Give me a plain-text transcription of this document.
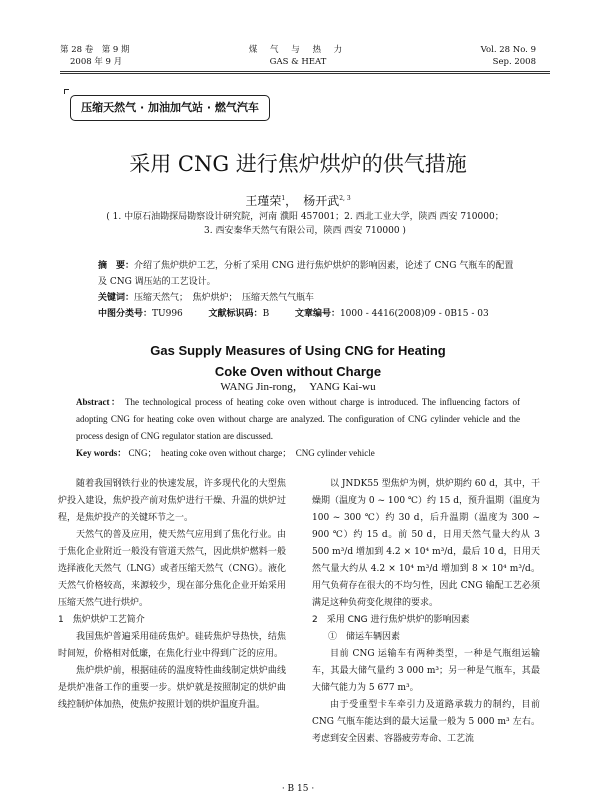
第 28 卷　第 9 期
2008 年 9 月
煤 气 与 热 力
GAS & HEAT
Vol. 28 No. 9
Sep. 2008
压缩天然气 · 加油加气站 · 燃气汽车
采用 CNG 进行焦炉烘炉的供气措施
王瑾荣$^1$，　杨开武$^{2, 3}$
( 1. 中原石油勘探局勘察设计研究院，河南 濮阳 457001；2. 西北工业大学，陕西 西安 710000；
3. 西安秦华天然气有限公司，陕西 西安 710000 )
摘　要：介绍了焦炉烘炉工艺，分析了采用 CNG 进行焦炉烘炉的影响因素，论述了 CNG 气瓶车的配置及 CNG 调压站的工艺设计。
关键词：压缩天然气；　焦炉烘炉；　压缩天然气气瓶车
中图分类号：TU996	文献标识码：B	文章编号：1000 - 4416(2008)09 - 0B15 - 03
Gas Supply Measures of Using CNG for Heating
Coke Oven without Charge
WANG Jin-rong，　YANG Kai-wu
Abstract： The technological process of heating coke oven without charge is introduced. The influencing factors of adopting CNG for heating coke oven without charge are analyzed. The configuration of CNG cylinder vehicle and the process design of CNG regulator station are discussed.
Key words： CNG；　heating coke oven without charge；　CNG cylinder vehicle

随着我国钢铁行业的快速发展，许多现代化的大型焦炉投入建设，焦炉投产前对焦炉进行干燥、升温的烘炉过程，是焦炉投产的关键环节之一。

天然气的普及应用，使天然气应用到了焦化行业。由于焦化企业附近一般没有管道天然气，因此烘炉燃料一般选择液化天然气（LNG）或者压缩天然气（CNG）。液化天然气价格较高，来源较少，现在部分焦化企业开始采用压缩天然气进行烘炉。

1　焦炉烘炉工艺简介

我国焦炉普遍采用硅砖焦炉。硅砖焦炉导热快，结焦时间短，价格相对低廉，在焦化行业中得到广泛的应用。

焦炉烘炉前，根据硅砖的温度特性曲线制定烘炉曲线是烘炉准备工作的重要一步。烘炉就是按照制定的烘炉曲线控制炉体加热，使焦炉按照计划的烘炉温度升温。

以 JNDK55 型焦炉为例，烘炉期约 60 d，其中，干燥期（温度为 0 ~ 100 ℃）约 15 d，预升温期（温度为 100 ~ 300 ℃）约 30 d，后升温期（温度为 300 ~ 900 ℃）约 15 d。前 50 d，日用天然气量大约从 3 500 m³/d 增加到 4.2 × 10⁴ m³/d，最后 10 d，日用天然气量大约从 4.2 × 10⁴ m³/d 增加到 8 × 10⁴ m³/d。用气负荷存在很大的不均匀性，因此 CNG 输配工艺必须满足这种负荷变化规律的要求。

2　采用 CNG 进行焦炉烘炉的影响因素

①　储运车辆因素

目前 CNG 运输车有两种类型，一种是气瓶组运输车，其最大储气量约 3 000 m³；另一种是气瓶车，其最大储气能力为 5 677 m³。

由于受重型卡车牵引力及道路承载力的制约，目前 CNG 气瓶车能达到的最大运量一般为 5 000 m³ 左右。考虑到安全因素、容器疲劳寿命、工艺流

· B 15 ·
